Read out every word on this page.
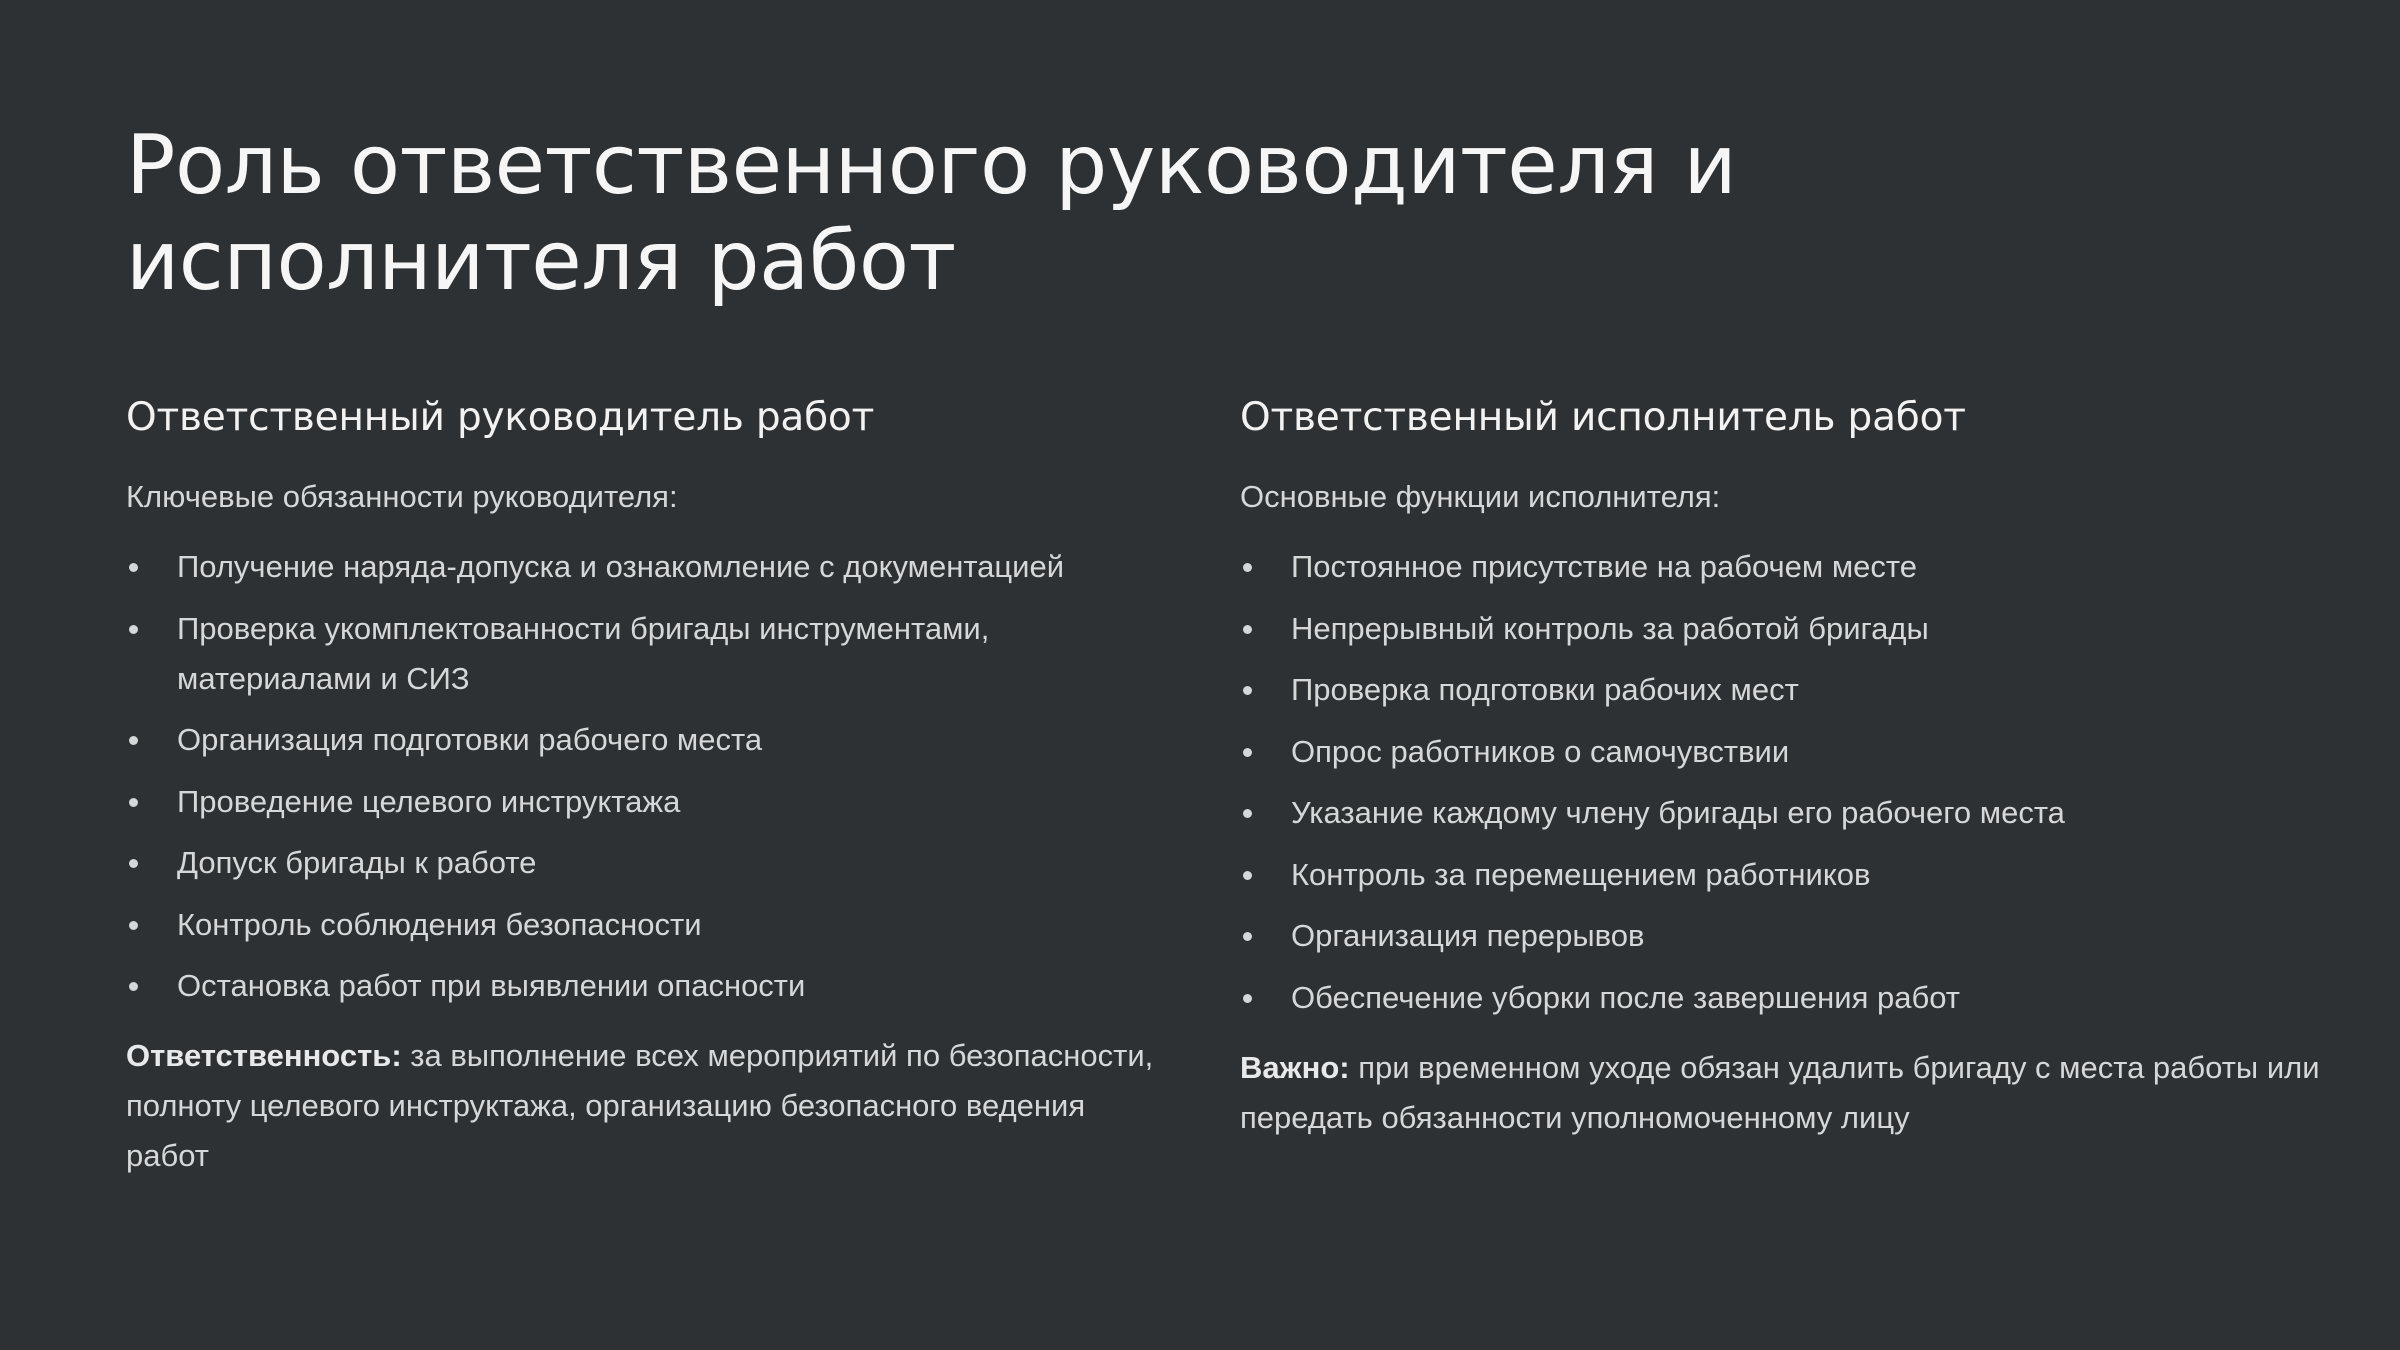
Роль ответственного руководителя и исполнителя работ
Ответственный руководитель работ

Ключевые обязанности руководителя:

Получение наряда-допуска и ознакомление с документацией
Проверка укомплектованности бригады инструментами, материалами и СИЗ
Организация подготовки рабочего места
Проведение целевого инструктажа
Допуск бригады к работе
Контроль соблюдения безопасности
Остановка работ при выявлении опасности

Ответственность: за выполнение всех мероприятий по безопасности, полноту целевого инструктажа, организацию безопасного ведения работ

Ответственный исполнитель работ

Основные функции исполнителя:

Постоянное присутствие на рабочем месте
Непрерывный контроль за работой бригады
Проверка подготовки рабочих мест
Опрос работников о самочувствии
Указание каждому члену бригады его рабочего места
Контроль за перемещением работников
Организация перерывов
Обеспечение уборки после завершения работ

Важно: при временном уходе обязан удалить бригаду с места работы или передать обязанности уполномоченному лицу
